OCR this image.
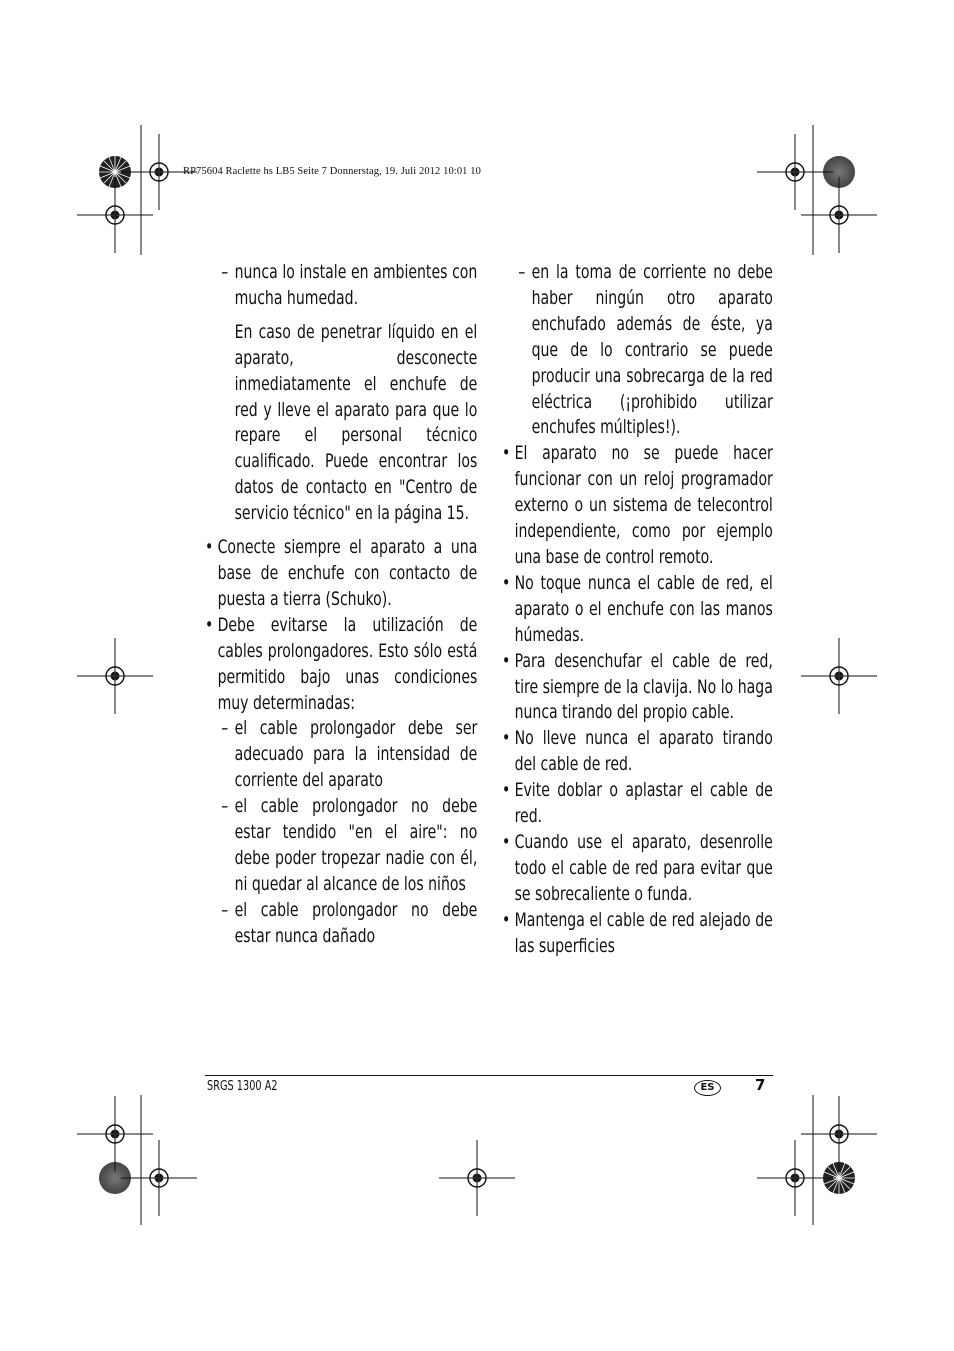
RP75604 Raclette hs LB5 Seite 7 Donnerstag, 19. Juli 2012 10:01 10
– nunca lo instale en ambientes con mucha humedad.
En caso de penetrar líquido en el aparato, desconecte inmediatamente el enchufe de red y lleve el aparato para que lo repare el personal técnico cualificado. Puede encontrar los datos de contacto en "Centro de servicio técnico" en la página 15.
• Conecte siempre el aparato a una base de enchufe con contacto de puesta a tierra (Schuko).
• Debe evitarse la utilización de cables prolongadores. Esto sólo está permitido bajo unas condiciones muy determinadas:
– el cable prolongador debe ser adecuado para la intensidad de corriente del aparato
– el cable prolongador no debe estar tendido "en el aire": no debe poder tropezar nadie con él, ni quedar al alcance de los niños
– el cable prolongador no debe estar nunca dañado
– en la toma de corriente no debe haber ningún otro aparato enchufado además de éste, ya que de lo contrario se puede producir una sobrecarga de la red eléctrica (¡prohibido utilizar enchufes múltiples!).
• El aparato no se puede hacer funcionar con un reloj programador externo o un sistema de telecontrol independiente, como por ejemplo una base de control remoto.
• No toque nunca el cable de red, el aparato o el enchufe con las manos húmedas.
• Para desenchufar el cable de red, tire siempre de la clavija. No lo haga nunca tirando del propio cable.
• No lleve nunca el aparato tirando del cable de red.
• Evite doblar o aplastar el cable de red.
• Cuando use el aparato, desenrolle todo el cable de red para evitar que se sobrecaliente o funda.
• Mantenga el cable de red alejado de las superficies
SRGS 1300 A2	ES	7
